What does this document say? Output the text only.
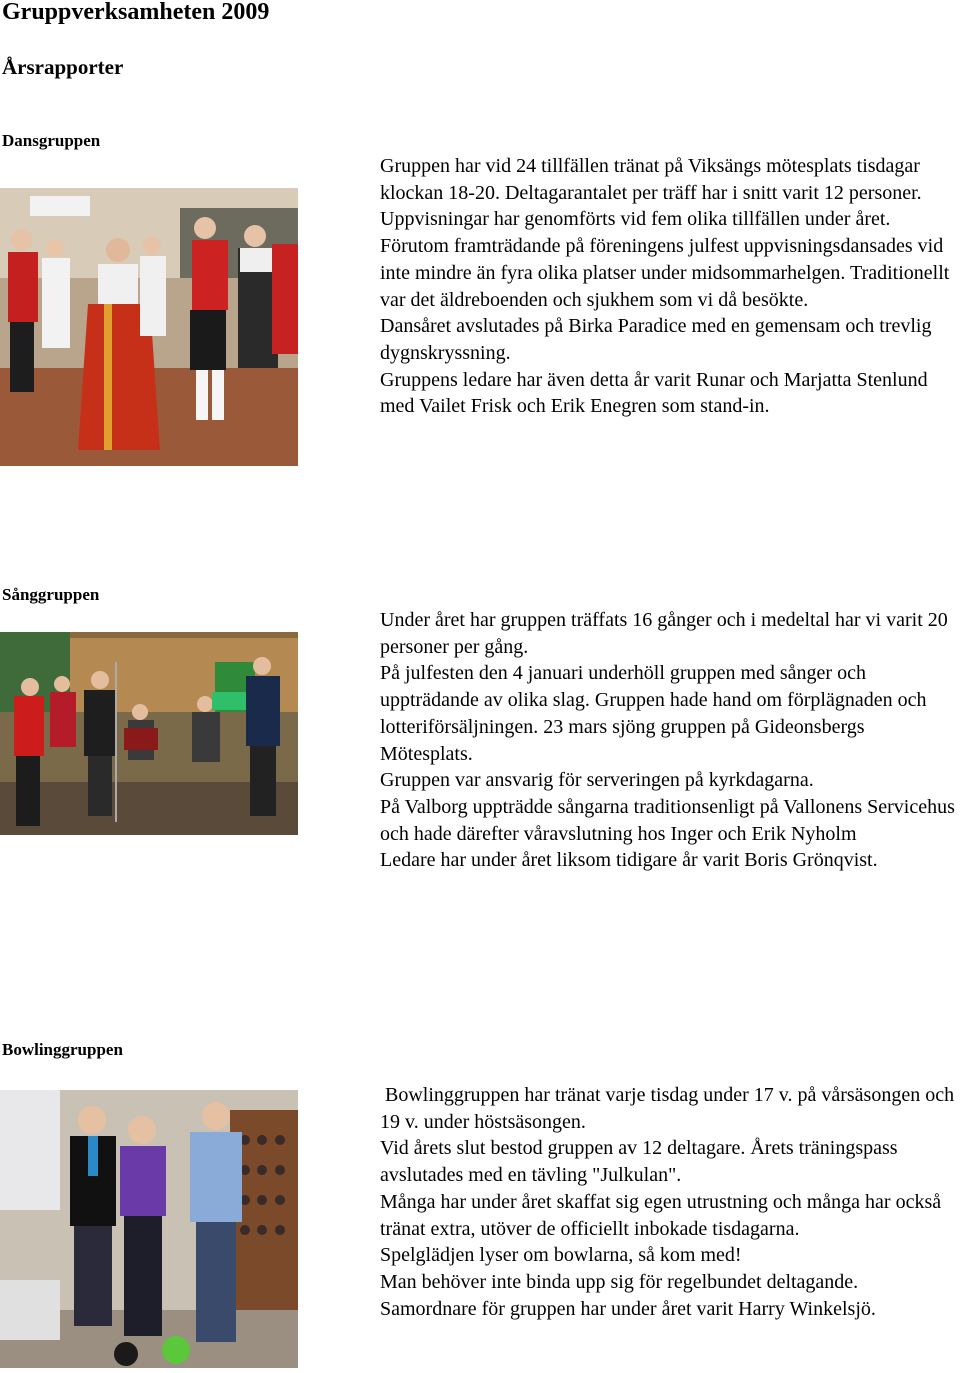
Gruppverksamheten 2009
Årsrapporter
Dansgruppen

Gruppen har vid 24 tillfällen tränat på Viksängs mötesplats tisdagar klockan 18-20. Deltagarantalet per träff har i snitt varit 12 personer.

Uppvisningar har genomförts vid fem olika tillfällen under året. Förutom framträdande på föreningens julfest uppvisningsdansades vid inte mindre än fyra olika platser under midsommarhelgen. Traditionellt var det äldreboenden och sjukhem som vi då besökte.

Dansåret avslutades på Birka Paradice med en gemensam och trevlig dygnskryssning.

Gruppens ledare har även detta år varit Runar och Marjatta Stenlund med Vailet Frisk och Erik Enegren som stand-in.

Sånggruppen

Under året har gruppen träffats 16 gånger och i medeltal har vi varit 20 personer per gång.

På julfesten den 4 januari underhöll gruppen med sånger och uppträdande av olika slag. Gruppen hade hand om förplägnaden och lotteriförsäljningen. 23 mars sjöng gruppen på Gideonsbergs Mötesplats.

Gruppen var ansvarig för serveringen på kyrkdagarna.

På Valborg uppträdde sångarna traditionsenligt på Vallonens Servicehus och hade därefter våravslutning hos Inger och Erik Nyholm

Ledare har under året liksom tidigare år varit Boris Grönqvist.

Bowlinggruppen

Bowlinggruppen har tränat varje tisdag under 17 v. på vårsäsongen och 19 v. under höstsäsongen.

Vid årets slut bestod gruppen av 12 deltagare. Årets träningspass avslutades med en tävling "Julkulan".

Många har under året skaffat sig egen utrustning och många har också tränat extra, utöver de officiellt inbokade tisdagarna.

Spelglädjen lyser om bowlarna, så kom med!

Man behöver inte binda upp sig för regelbundet deltagande.

Samordnare för gruppen har under året varit Harry Winkelsjö.
